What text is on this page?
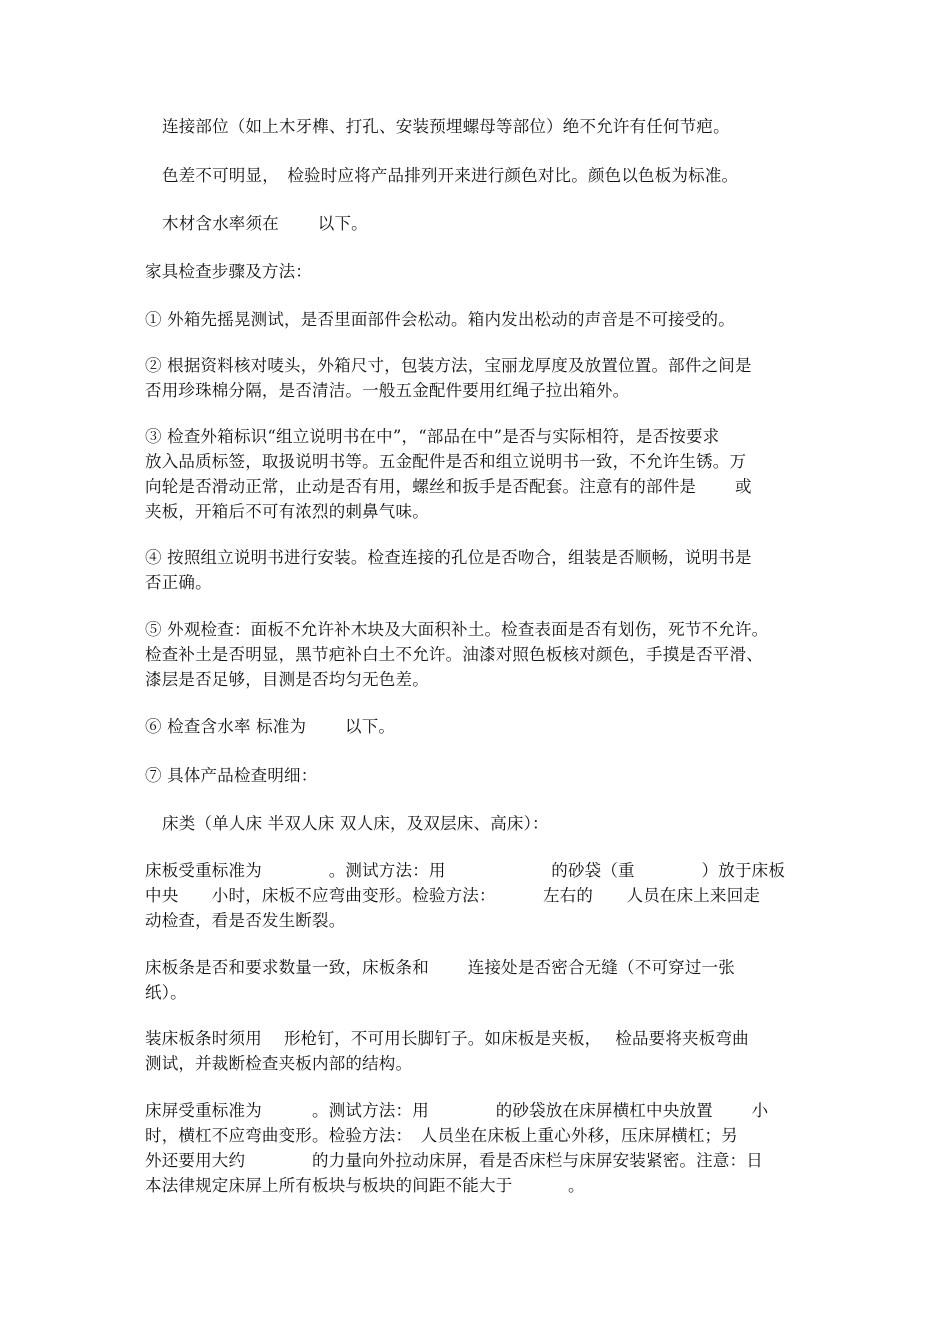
连接部位（如上木牙榫、打孔、安装预埋螺母等部位）绝不允许有任何节疤。

色差不可明显，　检验时应将产品排列开来进行颜色对比。颜色以色板为标准。

木材含水率须在　　 以下。

家具检查步骤及方法：

① 外箱先摇晃测试，是否里面部件会松动。箱内发出松动的声音是不可接受的。

② 根据资料核对唛头，外箱尺寸，包装方法，宝丽龙厚度及放置位置。部件之间是
否用珍珠棉分隔，是否清洁。一般五金配件要用红绳子拉出箱外。

③ 检查外箱标识“组立说明书在中”，“部品在中”是否与实际相符，是否按要求
放入品质标签，取扱说明书等。五金配件是否和组立说明书一致，不允许生锈。万
向轮是否滑动正常，止动是否有用，螺丝和扳手是否配套。注意有的部件是　　 或
夹板，开箱后不可有浓烈的刺鼻气味。

④ 按照组立说明书进行安装。检查连接的孔位是否吻合，组装是否顺畅，说明书是
否正确。

⑤ 外观检查：面板不允许补木块及大面积补土。检查表面是否有划伤，死节不允许。
检查补土是否明显，黑节疤补白土不允许。油漆对照色板核对颜色，手摸是否平滑、
漆层是否足够，目测是否均匀无色差。

⑥ 检查含水率 标准为　　 以下。

⑦ 具体产品检查明细：

床类（单人床 半双人床 双人床，及双层床、高床）：

床板受重标准为　　　　。测试方法：用　　　　　　 的砂袋（重　　　　）放于床板
中央　　小时，床板不应弯曲变形。检验方法：　　　 左右的　　人员在床上来回走
动检查，看是否发生断裂。

床板条是否和要求数量一致，床板条和　　 连接处是否密合无缝（不可穿过一张
纸）。

装床板条时须用　 形枪钉，不可用长脚钉子。如床板是夹板，　 检品要将夹板弯曲
测试，并裁断检查夹板内部的结构。

床屏受重标准为　　　。测试方法：用　　　　的砂袋放在床屏横杠中央放置　　 小
时，横杠不应弯曲变形。检验方法：　人员坐在床板上重心外移，压床屏横杠；另
外还要用大约　　　　的力量向外拉动床屏，看是否床栏与床屏安装紧密。注意：日
本法律规定床屏上所有板块与板块的间距不能大于　　　 。
